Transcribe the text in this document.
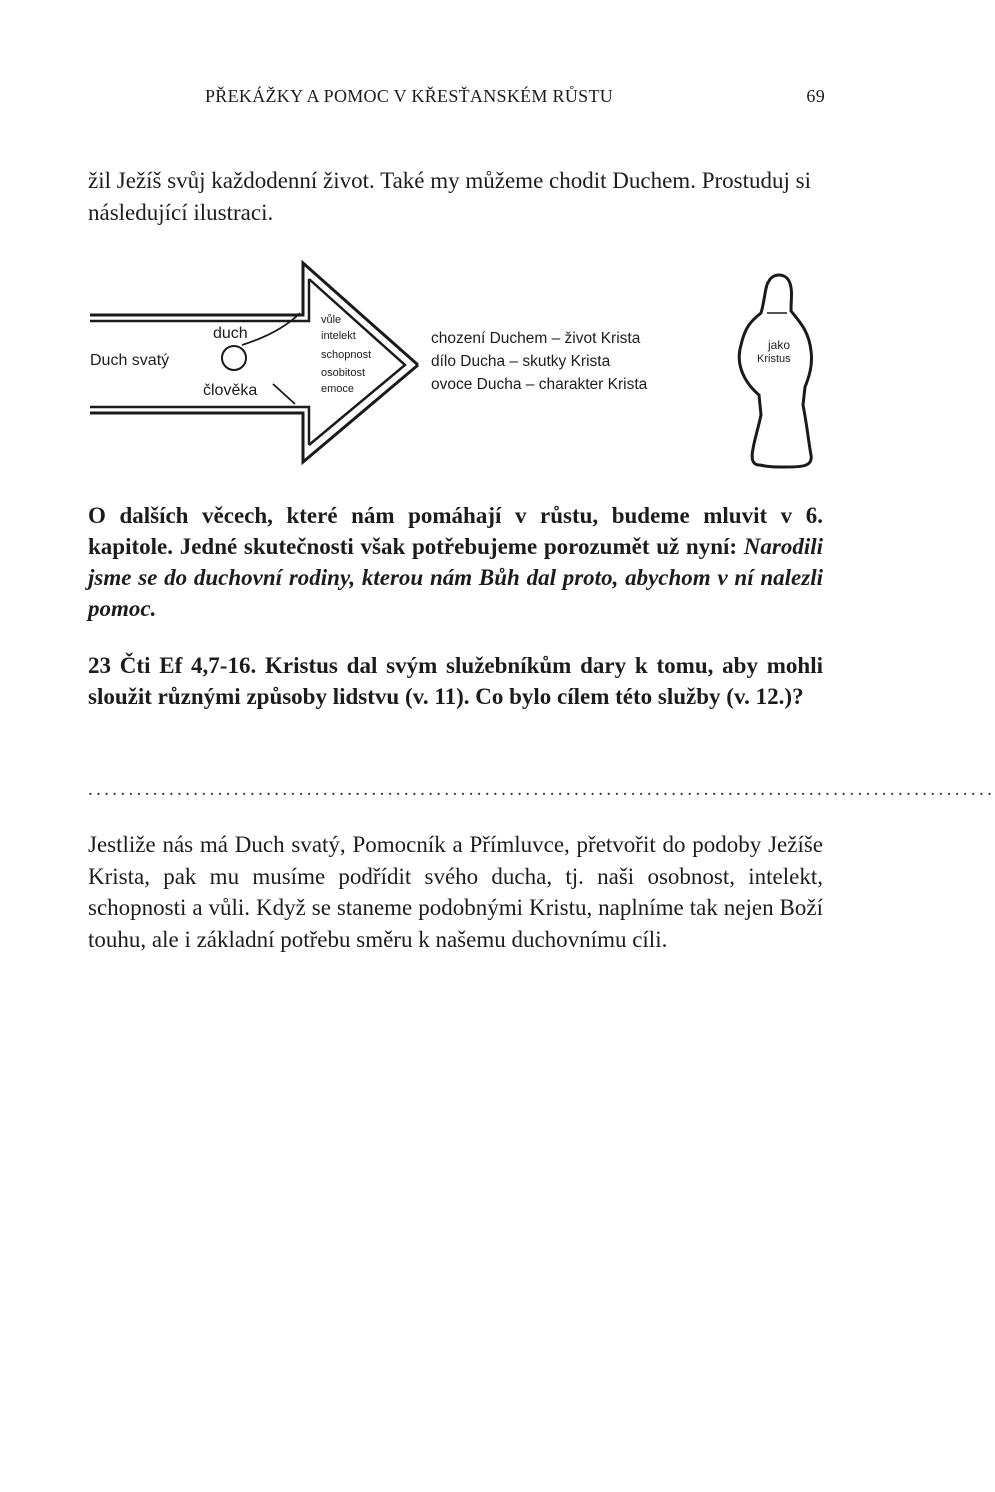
PŘEKÁŽKY A POMOC V KŘESŤANSKÉM RŮSTU	69
žil Ježíš svůj každodenní život. Také my můžeme chodit Duchem. Prostuduj si následující ilustraci.
Duch svatý
duch
člověka
vůle
intelekt
schopnost
osobitost
emoce
chození Duchem – život Krista
dílo Ducha – skutky Krista
ovoce Ducha – charakter Krista
jako
Kristus
O dalších věcech, které nám pomáhají v růstu, budeme mluvit v 6. kapitole. Jedné skutečnosti však potřebujeme porozumět už nyní: Narodili jsme se do duchovní rodiny, kterou nám Bůh dal proto, abychom v ní nalezli pomoc.
23 Čti Ef 4,7-16. Kristus dal svým služebníkům dary k tomu, aby mohli sloužit různými způsoby lidstvu (v. 11). Co bylo cílem této služby (v. 12.)?
................................................................................................................
Jestliže nás má Duch svatý, Pomocník a Přímluvce, přetvořit do podoby Ježíše Krista, pak mu musíme podřídit svého ducha, tj. naši osobnost, intelekt, schopnosti a vůli. Když se staneme podobnými Kristu, naplníme tak nejen Boží touhu, ale i základní potřebu směru k našemu duchovnímu cíli.
